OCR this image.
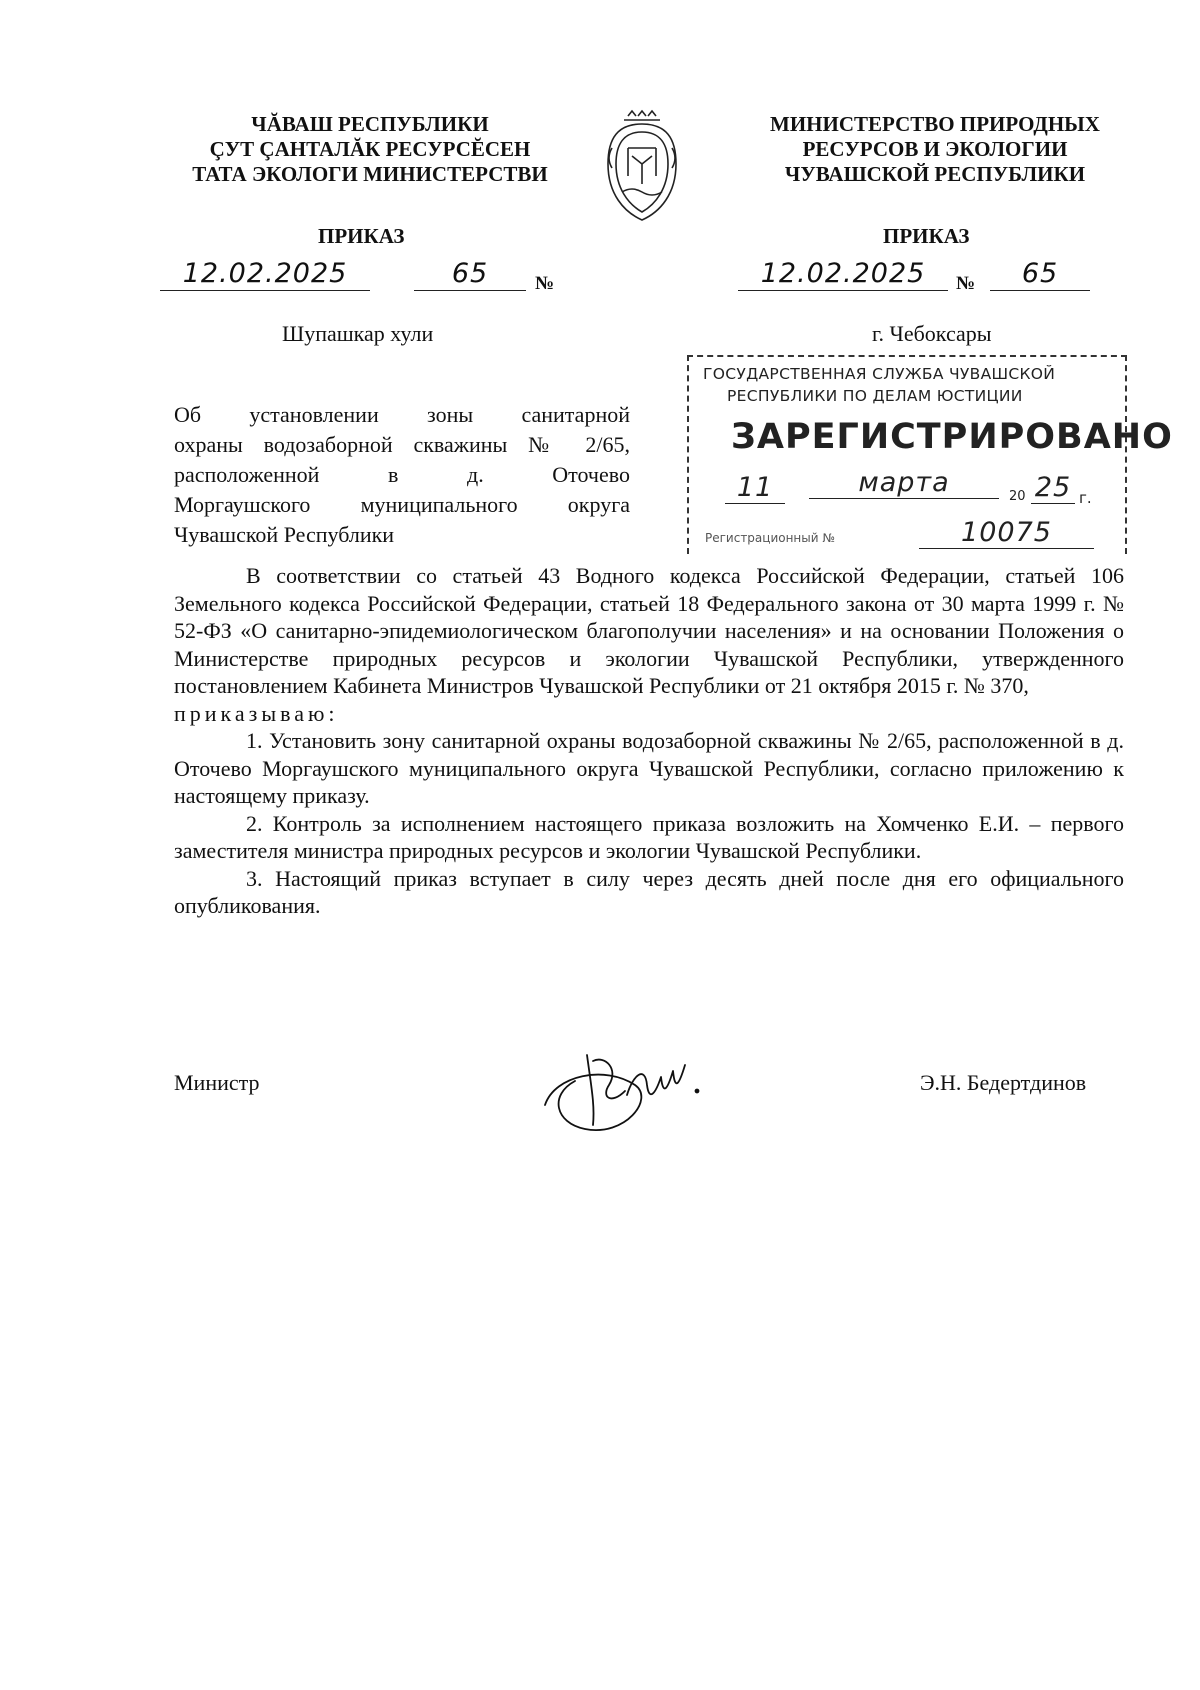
ЧĂВАШ РЕСПУБЛИКИ
ÇУТ ÇАНТАЛĂК РЕСУРСĔСЕН
ТАТА ЭКОЛОГИ МИНИСТЕРСТВИ
МИНИСТЕРСТВО ПРИРОДНЫХ
РЕСУРСОВ И ЭКОЛОГИИ
ЧУВАШСКОЙ РЕСПУБЛИКИ
ПРИКАЗ	ПРИКАЗ
12.02.2025	65	№	12.02.2025	№	65
Шупашкар хули	г. Чебоксары
Об установлении зоны санитарной
охраны водозаборной скважины № 2/65,
расположенной в д. Оточево
Моргаушского муниципального округа
Чувашской Республики
ГОСУДАРСТВЕННАЯ СЛУЖБА ЧУВАШСКОЙ
РЕСПУБЛИКИ ПО ДЕЛАМ ЮСТИЦИИ
ЗАРЕГИСТРИРОВАНО
11	марта	20 25 г.
Регистрационный №	10075

В соответствии со статьей 43 Водного кодекса Российской Федерации, статьей 106 Земельного кодекса Российской Федерации, статьей 18 Федерального закона от 30 марта 1999 г. № 52-ФЗ «О санитарно-эпидемиологическом благополучии населения» и на основании Положения о Министерстве природных ресурсов и экологии Чувашской Республики, утвержденного постановлением Кабинета Министров Чувашской Республики от 21 октября 2015 г. № 370,

приказываю:

1. Установить зону санитарной охраны водозаборной скважины № 2/65, расположенной в д. Оточево Моргаушского муниципального округа Чувашской Республики, согласно приложению к настоящему приказу.

2. Контроль за исполнением настоящего приказа возложить на Хомченко Е.И. – первого заместителя министра природных ресурсов и экологии Чувашской Республики.

3. Настоящий приказ вступает в силу через десять дней после дня его официального опубликования.

Министр	Э.Н. Бедертдинов
